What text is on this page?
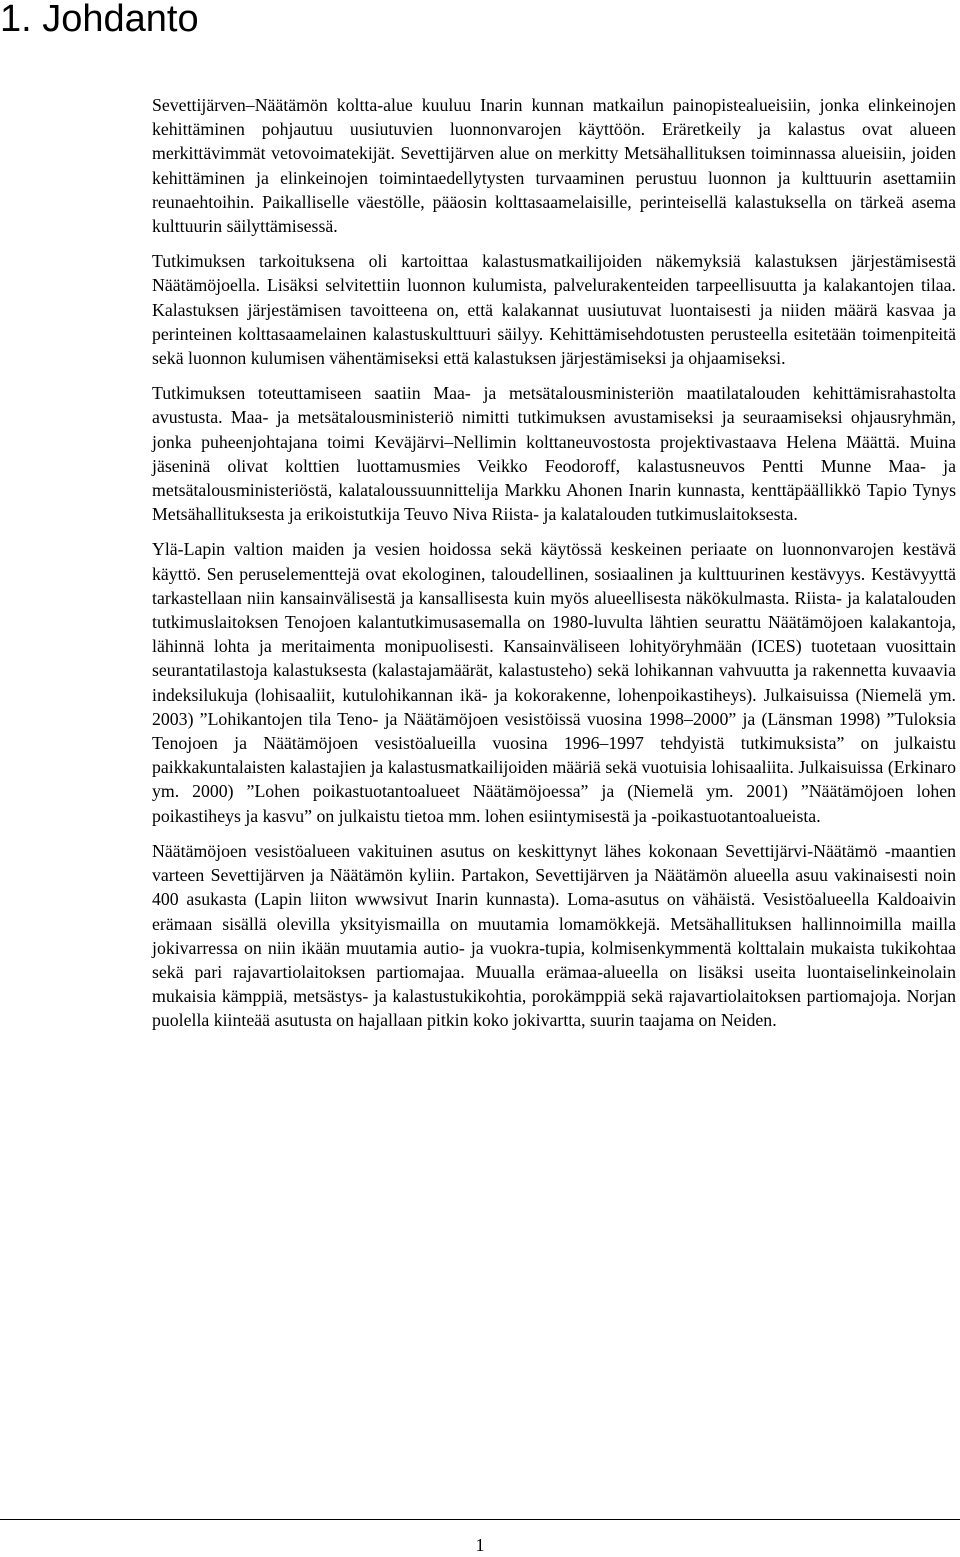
1. Johdanto

Sevettijärven–Näätämön koltta-alue kuuluu Inarin kunnan matkailun painopistealueisiin, jonka elinkeinojen kehittäminen pohjautuu uusiutuvien luonnonvarojen käyttöön. Eräretkeily ja kalastus ovat alueen merkittävimmät vetovoimatekijät. Sevettijärven alue on merkitty Metsähallituksen toiminnassa alueisiin, joiden kehittäminen ja elinkeinojen toimintaedellytysten turvaaminen perustuu luonnon ja kulttuurin asettamiin reunaehtoihin. Paikalliselle väestölle, pääosin kolttasaamelaisille, perinteisellä kalastuksella on tärkeä asema kulttuurin säilyttämisessä.

Tutkimuksen tarkoituksena oli kartoittaa kalastusmatkailijoiden näkemyksiä kalastuksen järjestämisestä Näätämöjoella. Lisäksi selvitettiin luonnon kulumista, palvelurakenteiden tarpeellisuutta ja kalakantojen tilaa. Kalastuksen järjestämisen tavoitteena on, että kalakannat uusiutuvat luontaisesti ja niiden määrä kasvaa ja perinteinen kolttasaamelainen kalastuskulttuuri säilyy. Kehittämisehdotusten perusteella esitetään toimenpiteitä sekä luonnon kulumisen vähentämiseksi että kalastuksen järjestämiseksi ja ohjaamiseksi.

Tutkimuksen toteuttamiseen saatiin Maa- ja metsätalousministeriön maatilatalouden kehittämisrahastolta avustusta. Maa- ja metsätalousministeriö nimitti tutkimuksen avustamiseksi ja seuraamiseksi ohjausryhmän, jonka puheenjohtajana toimi Keväjärvi–Nellimin kolttaneuvostosta projektivastaava Helena Määttä. Muina jäseninä olivat kolttien luottamusmies Veikko Feodoroff, kalastusneuvos Pentti Munne Maa- ja metsätalousministeriöstä, kalataloussuunnittelija Markku Ahonen Inarin kunnasta, kenttäpäällikkö Tapio Tynys Metsähallituksesta ja erikoistutkija Teuvo Niva Riista- ja kalatalouden tutkimuslaitoksesta.

Ylä-Lapin valtion maiden ja vesien hoidossa sekä käytössä keskeinen periaate on luonnonvarojen kestävä käyttö. Sen peruselementtejä ovat ekologinen, taloudellinen, sosiaalinen ja kulttuurinen kestävyys. Kestävyyttä tarkastellaan niin kansainvälisestä ja kansallisesta kuin myös alueellisesta näkökulmasta. Riista- ja kalatalouden tutkimuslaitoksen Tenojoen kalantutkimusasemalla on 1980-luvulta lähtien seurattu Näätämöjoen kalakantoja, lähinnä lohta ja meritaimenta monipuolisesti. Kansainväliseen lohityöryhmään (ICES) tuotetaan vuosittain seurantatilastoja kalastuksesta (kalastajamäärät, kalastusteho) sekä lohikannan vahvuutta ja rakennetta kuvaavia indeksilukuja (lohisaaliit, kutulohikannan ikä- ja kokorakenne, lohenpoikastiheys). Julkaisuissa (Niemelä ym. 2003) ”Lohikantojen tila Teno- ja Näätämöjoen vesistöissä vuosina 1998–2000” ja (Länsman 1998) ”Tuloksia Tenojoen ja Näätämöjoen vesistöalueilla vuosina 1996–1997 tehdyistä tutkimuksista” on julkaistu paikkakuntalaisten kalastajien ja kalastusmatkailijoiden määriä sekä vuotuisia lohisaaliita. Julkaisuissa (Erkinaro ym. 2000) ”Lohen poikastuotantoalueet Näätämöjoessa” ja (Niemelä ym. 2001) ”Näätämöjoen lohen poikastiheys ja kasvu” on julkaistu tietoa mm. lohen esiintymisestä ja -poikastuotantoalueista.

Näätämöjoen vesistöalueen vakituinen asutus on keskittynyt lähes kokonaan Sevettijärvi-Näätämö -maantien varteen Sevettijärven ja Näätämön kyliin. Partakon, Sevettijärven ja Näätämön alueella asuu vakinaisesti noin 400 asukasta (Lapin liiton wwwsivut Inarin kunnasta). Loma-asutus on vähäistä. Vesistöalueella Kaldoaivin erämaan sisällä olevilla yksityismailla on muutamia lomamökkejä. Metsähallituksen hallinnoimilla mailla jokivarressa on niin ikään muutamia autio- ja vuokra-tupia, kolmisenkymmentä kolttalain mukaista tukikohtaa sekä pari rajavartiolaitoksen partiomajaa. Muualla erämaa-alueella on lisäksi useita luontaiselinkeinolain mukaisia kämppiä, metsästys- ja kalastustukikohtia, porokämppiä sekä rajavartiolaitoksen partiomajoja. Norjan puolella kiinteää asutusta on hajallaan pitkin koko jokivartta, suurin taajama on Neiden.

1
